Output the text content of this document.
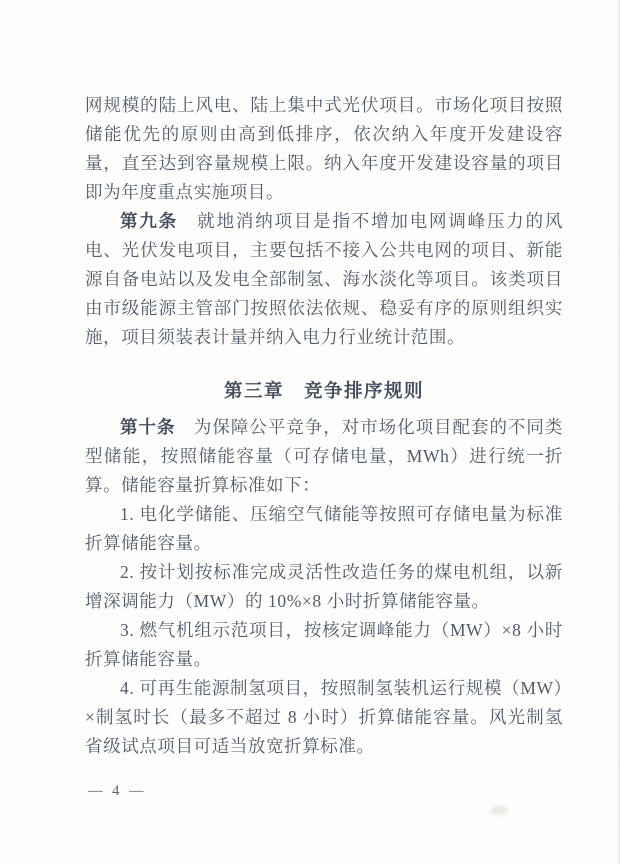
网规模的陆上风电、陆上集中式光伏项目。市场化项目按照储能优先的原则由高到低排序，依次纳入年度开发建设容量，直至达到容量规模上限。纳入年度开发建设容量的项目即为年度重点实施项目。

第九条　就地消纳项目是指不增加电网调峰压力的风电、光伏发电项目，主要包括不接入公共电网的项目、新能源自备电站以及发电全部制氢、海水淡化等项目。该类项目由市级能源主管部门按照依法依规、稳妥有序的原则组织实施，项目须装表计量并纳入电力行业统计范围。

第三章　竞争排序规则

第十条　为保障公平竞争，对市场化项目配套的不同类型储能，按照储能容量（可存储电量，MWh）进行统一折算。储能容量折算标准如下：

1. 电化学储能、压缩空气储能等按照可存储电量为标准折算储能容量。

2. 按计划按标准完成灵活性改造任务的煤电机组，以新增深调能力（MW）的 10%×8 小时折算储能容量。

3. 燃气机组示范项目，按核定调峰能力（MW）×8 小时折算储能容量。

4. 可再生能源制氢项目，按照制氢装机运行规模（MW）×制氢时长（最多不超过 8 小时）折算储能容量。风光制氢省级试点项目可适当放宽折算标准。

— 4 —
